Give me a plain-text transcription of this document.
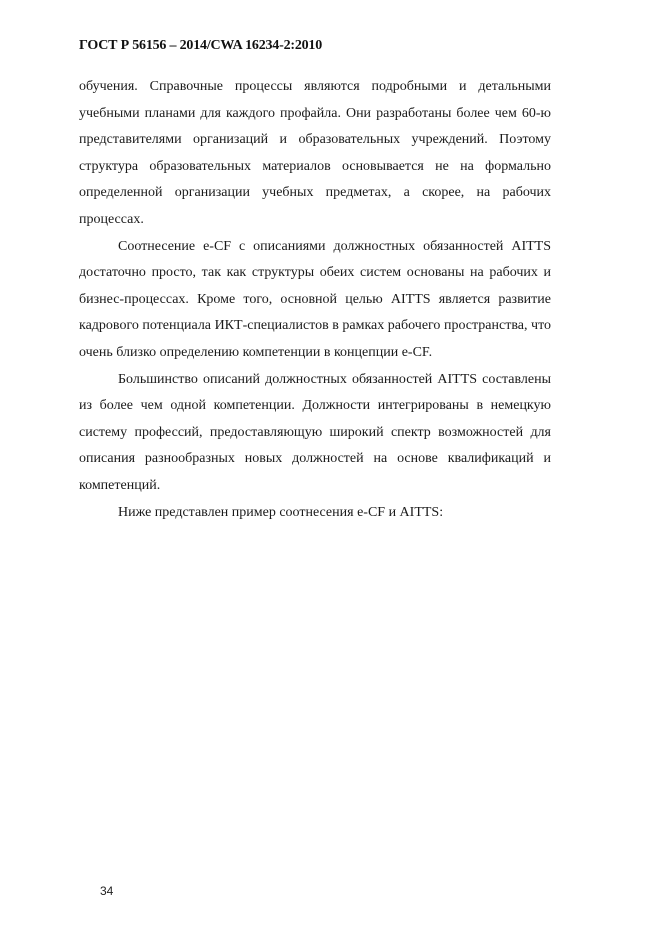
ГОСТ Р 56156 – 2014/CWA 16234-2:2010

обучения. Справочные процессы являются подробными и детальными учебными планами для каждого профайла. Они разработаны более чем 60-ю представителями организаций и образовательных учреждений. Поэтому структура образовательных материалов основывается не на формально определенной организации учебных предметах, а скорее, на рабочих процессах.

Соотнесение e-CF с описаниями должностных обязанностей AITTS достаточно просто, так как структуры обеих систем основаны на рабочих и бизнес-процессах. Кроме того, основной целью AITTS является развитие кадрового потенциала ИКТ-специалистов в рамках рабочего пространства, что очень близко определению компетенции в концепции e-CF.

Большинство описаний должностных обязанностей AITTS составлены из более чем одной компетенции. Должности интегрированы в немецкую систему профессий, предоставляющую широкий спектр возможностей для описания разнообразных новых должностей на основе квалификаций и компетенций.

Ниже представлен пример соотнесения e-CF и AITTS:

34
